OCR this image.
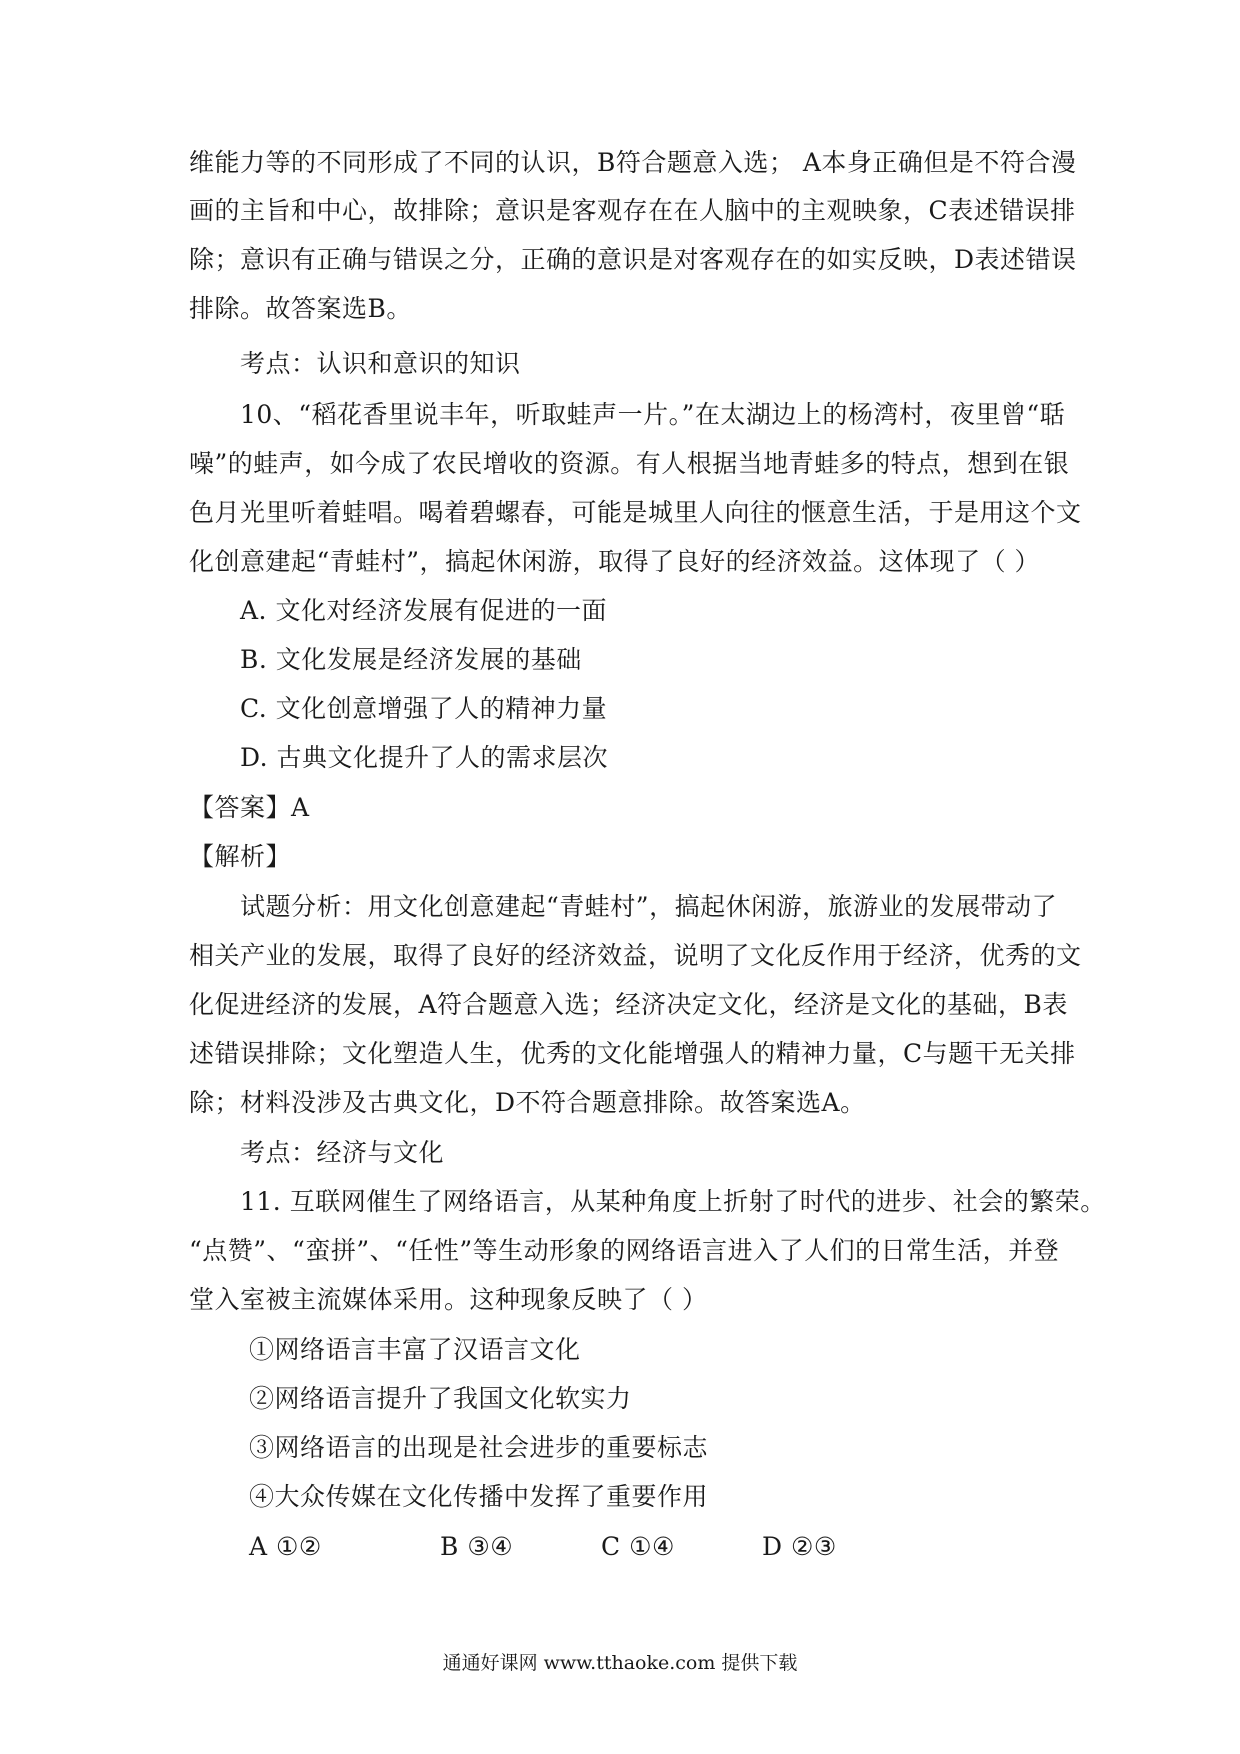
维能力等的不同形成了不同的认识，B符合题意入选； A本身正确但是不符合漫
画的主旨和中心，故排除；意识是客观存在在人脑中的主观映象，C表述错误排
除；意识有正确与错误之分，正确的意识是对客观存在的如实反映，D表述错误
排除。故答案选B。
考点：认识和意识的知识
10、“稻花香里说丰年，听取蛙声一片。”在太湖边上的杨湾村，夜里曾“聒
噪”的蛙声，如今成了农民增收的资源。有人根据当地青蛙多的特点，想到在银
色月光里听着蛙唱。喝着碧螺春，可能是城里人向往的惬意生活，于是用这个文
化创意建起“青蛙村”，搞起休闲游，取得了良好的经济效益。这体现了（ ）
A. 文化对经济发展有促进的一面
B. 文化发展是经济发展的基础
C. 文化创意增强了人的精神力量
D. 古典文化提升了人的需求层次
【答案】A
【解析】
试题分析：用文化创意建起“青蛙村”，搞起休闲游，旅游业的发展带动了
相关产业的发展，取得了良好的经济效益，说明了文化反作用于经济，优秀的文
化促进经济的发展，A符合题意入选；经济决定文化，经济是文化的基础，B表
述错误排除；文化塑造人生，优秀的文化能增强人的精神力量，C与题干无关排
除；材料没涉及古典文化，D不符合题意排除。故答案选A。
考点：经济与文化
11. 互联网催生了网络语言，从某种角度上折射了时代的进步、社会的繁荣。
“点赞”、“蛮拼”、“任性”等生动形象的网络语言进入了人们的日常生活，并登
堂入室被主流媒体采用。这种现象反映了（ ）
①网络语言丰富了汉语言文化
②网络语言提升了我国文化软实力
③网络语言的出现是社会进步的重要标志
④大众传媒在文化传播中发挥了重要作用
A ①②	B ③④	C ①④	D ②③
通通好课网 www.tthaoke.com 提供下载
